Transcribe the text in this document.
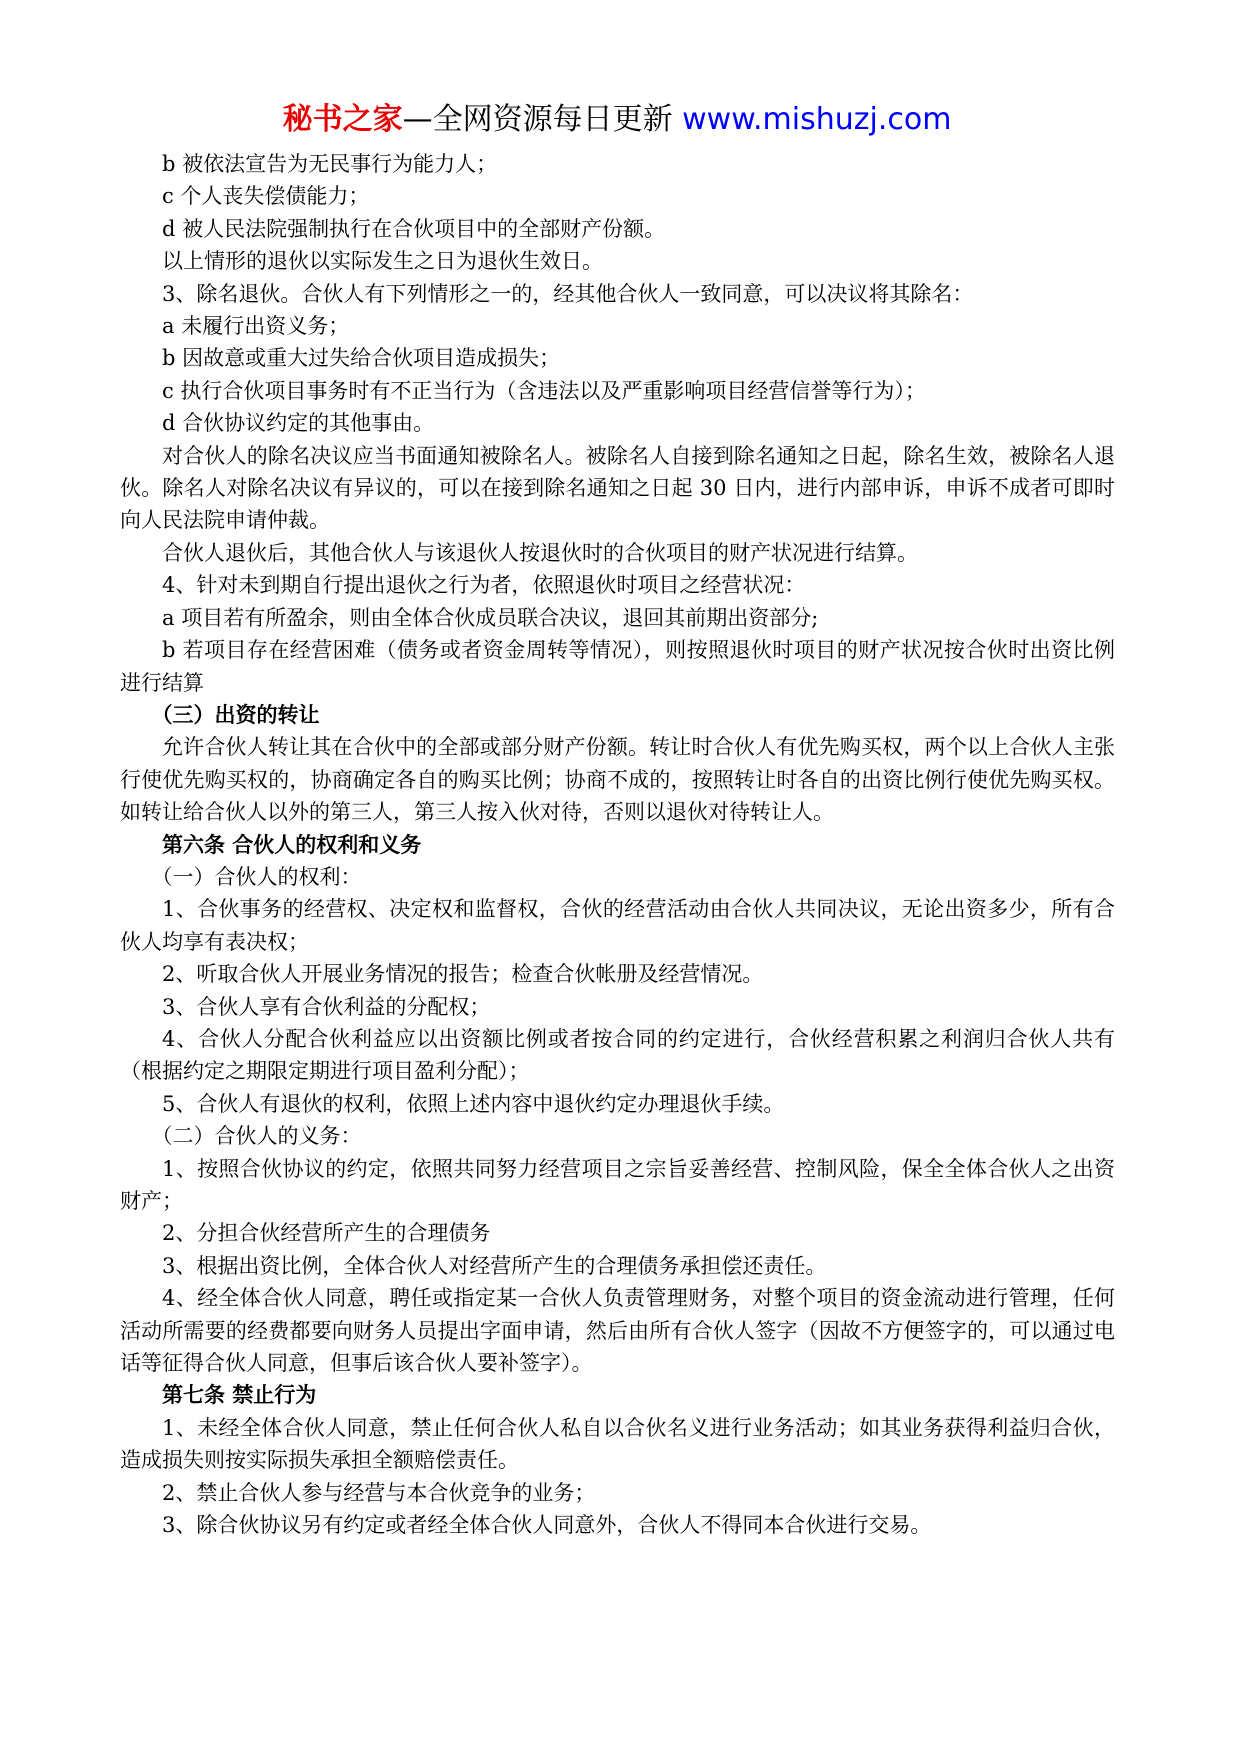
秘书之家—全网资源每日更新 www.mishuzj.com

b 被依法宣告为无民事行为能力人；

c 个人丧失偿债能力；

d 被人民法院强制执行在合伙项目中的全部财产份额。

以上情形的退伙以实际发生之日为退伙生效日。

3、除名退伙。合伙人有下列情形之一的，经其他合伙人一致同意，可以决议将其除名：

a 未履行出资义务；

b 因故意或重大过失给合伙项目造成损失；

c 执行合伙项目事务时有不正当行为（含违法以及严重影响项目经营信誉等行为）；

d 合伙协议约定的其他事由。

对合伙人的除名决议应当书面通知被除名人。被除名人自接到除名通知之日起，除名生效，被除名人退伙。除名人对除名决议有异议的，可以在接到除名通知之日起 30 日内，进行内部申诉，申诉不成者可即时向人民法院申请仲裁。

合伙人退伙后，其他合伙人与该退伙人按退伙时的合伙项目的财产状况进行结算。

4、针对未到期自行提出退伙之行为者，依照退伙时项目之经营状况：

a 项目若有所盈余，则由全体合伙成员联合决议，退回其前期出资部分;

b 若项目存在经营困难（债务或者资金周转等情况），则按照退伙时项目的财产状况按合伙时出资比例进行结算

（三）出资的转让

允许合伙人转让其在合伙中的全部或部分财产份额。转让时合伙人有优先购买权，两个以上合伙人主张行使优先购买权的，协商确定各自的购买比例；协商不成的，按照转让时各自的出资比例行使优先购买权。如转让给合伙人以外的第三人，第三人按入伙对待，否则以退伙对待转让人。

第六条 合伙人的权利和义务

（一）合伙人的权利：

1、合伙事务的经营权、决定权和监督权，合伙的经营活动由合伙人共同决议，无论出资多少，所有合伙人均享有表决权；

2、听取合伙人开展业务情况的报告；检查合伙帐册及经营情况。

3、合伙人享有合伙利益的分配权；

4、合伙人分配合伙利益应以出资额比例或者按合同的约定进行，合伙经营积累之利润归合伙人共有（根据约定之期限定期进行项目盈利分配）；

5、合伙人有退伙的权利，依照上述内容中退伙约定办理退伙手续。

（二）合伙人的义务：

1、按照合伙协议的约定，依照共同努力经营项目之宗旨妥善经营、控制风险，保全全体合伙人之出资财产；

2、分担合伙经营所产生的合理债务

3、根据出资比例，全体合伙人对经营所产生的合理债务承担偿还责任。

4、经全体合伙人同意，聘任或指定某一合伙人负责管理财务，对整个项目的资金流动进行管理，任何活动所需要的经费都要向财务人员提出字面申请，然后由所有合伙人签字（因故不方便签字的，可以通过电话等征得合伙人同意，但事后该合伙人要补签字）。

第七条 禁止行为

1、未经全体合伙人同意，禁止任何合伙人私自以合伙名义进行业务活动；如其业务获得利益归合伙，造成损失则按实际损失承担全额赔偿责任。

2、禁止合伙人参与经营与本合伙竞争的业务；

3、除合伙协议另有约定或者经全体合伙人同意外，合伙人不得同本合伙进行交易。
